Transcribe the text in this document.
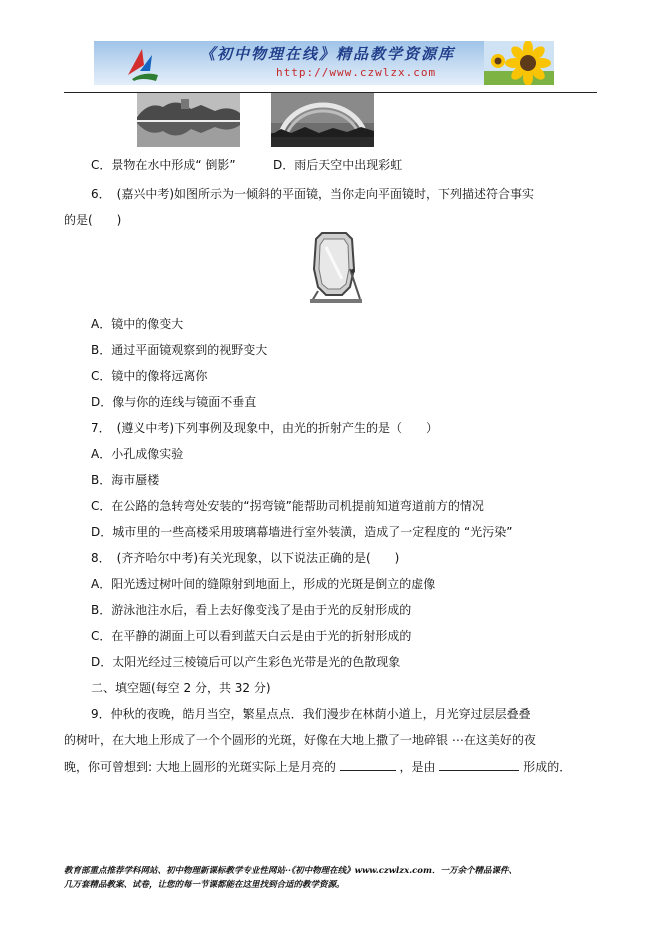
《初中物理在线》精品教学资源库
http://www.czwlzx.com
C．景物在水中形成“ 倒影”	D．雨后天空中出现彩虹
6．　(嘉兴中考)如图所示为一倾斜的平面镜，当你走向平面镜时，下列描述符合事实
的是(　　)
A．镜中的像变大
B．通过平面镜观察到的视野变大
C．镜中的像将远离你
D．像与你的连线与镜面不垂直
7．　(遵义中考)下列事例及现象中，由光的折射产生的是（　　）
A．小孔成像实验
B．海市蜃楼
C．在公路的急转弯处安装的“拐弯镜”能帮助司机提前知道弯道前方的情况
D．城市里的一些高楼采用玻璃幕墙进行室外装潢，造成了一定程度的 “光污染”
8．　(齐齐哈尔中考)有关光现象，以下说法正确的是(　　)
A．阳光透过树叶间的缝隙射到地面上，形成的光斑是倒立的虚像
B．游泳池注水后，看上去好像变浅了是由于光的反射形成的
C．在平静的湖面上可以看到蓝天白云是由于光的折射形成的
D．太阳光经过三棱镜后可以产生彩色光带是光的色散现象
二、填空题(每空 2 分，共 32 分)
9．仲秋的夜晚，皓月当空，繁星点点．我们漫步在林荫小道上，月光穿过层层叠叠
的树叶，在大地上形成了一个个圆形的光斑，好像在大地上撒了一地碎银 ⋯在这美好的夜
晚，你可曾想到: 大地上圆形的光斑实际上是月亮的	，是由	形成的．
教育部重点推荐学科网站、初中物理新课标教学专业性网站··《初中物理在线》www.czwlzx.com．一万余个精品课件、
几万套精品教案、试卷，让您的每一节课都能在这里找到合适的教学资源。
